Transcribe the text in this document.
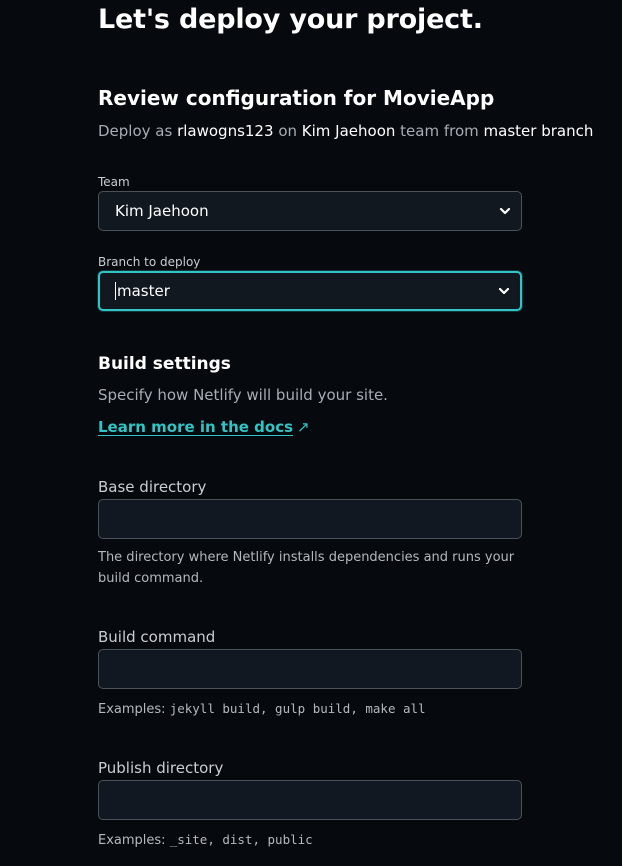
Let's deploy your project.
Review configuration for MovieApp
Deploy as rlawogns123 on Kim Jaehoon team from master branch
Team
Kim Jaehoon
Branch to deploy
master
Build settings
Specify how Netlify will build your site.
Learn more in the docs ↗
Base directory
The directory where Netlify installs dependencies and runs your build command.
Build command
Examples: jekyll build, gulp build, make all
Publish directory
Examples: _site, dist, public
